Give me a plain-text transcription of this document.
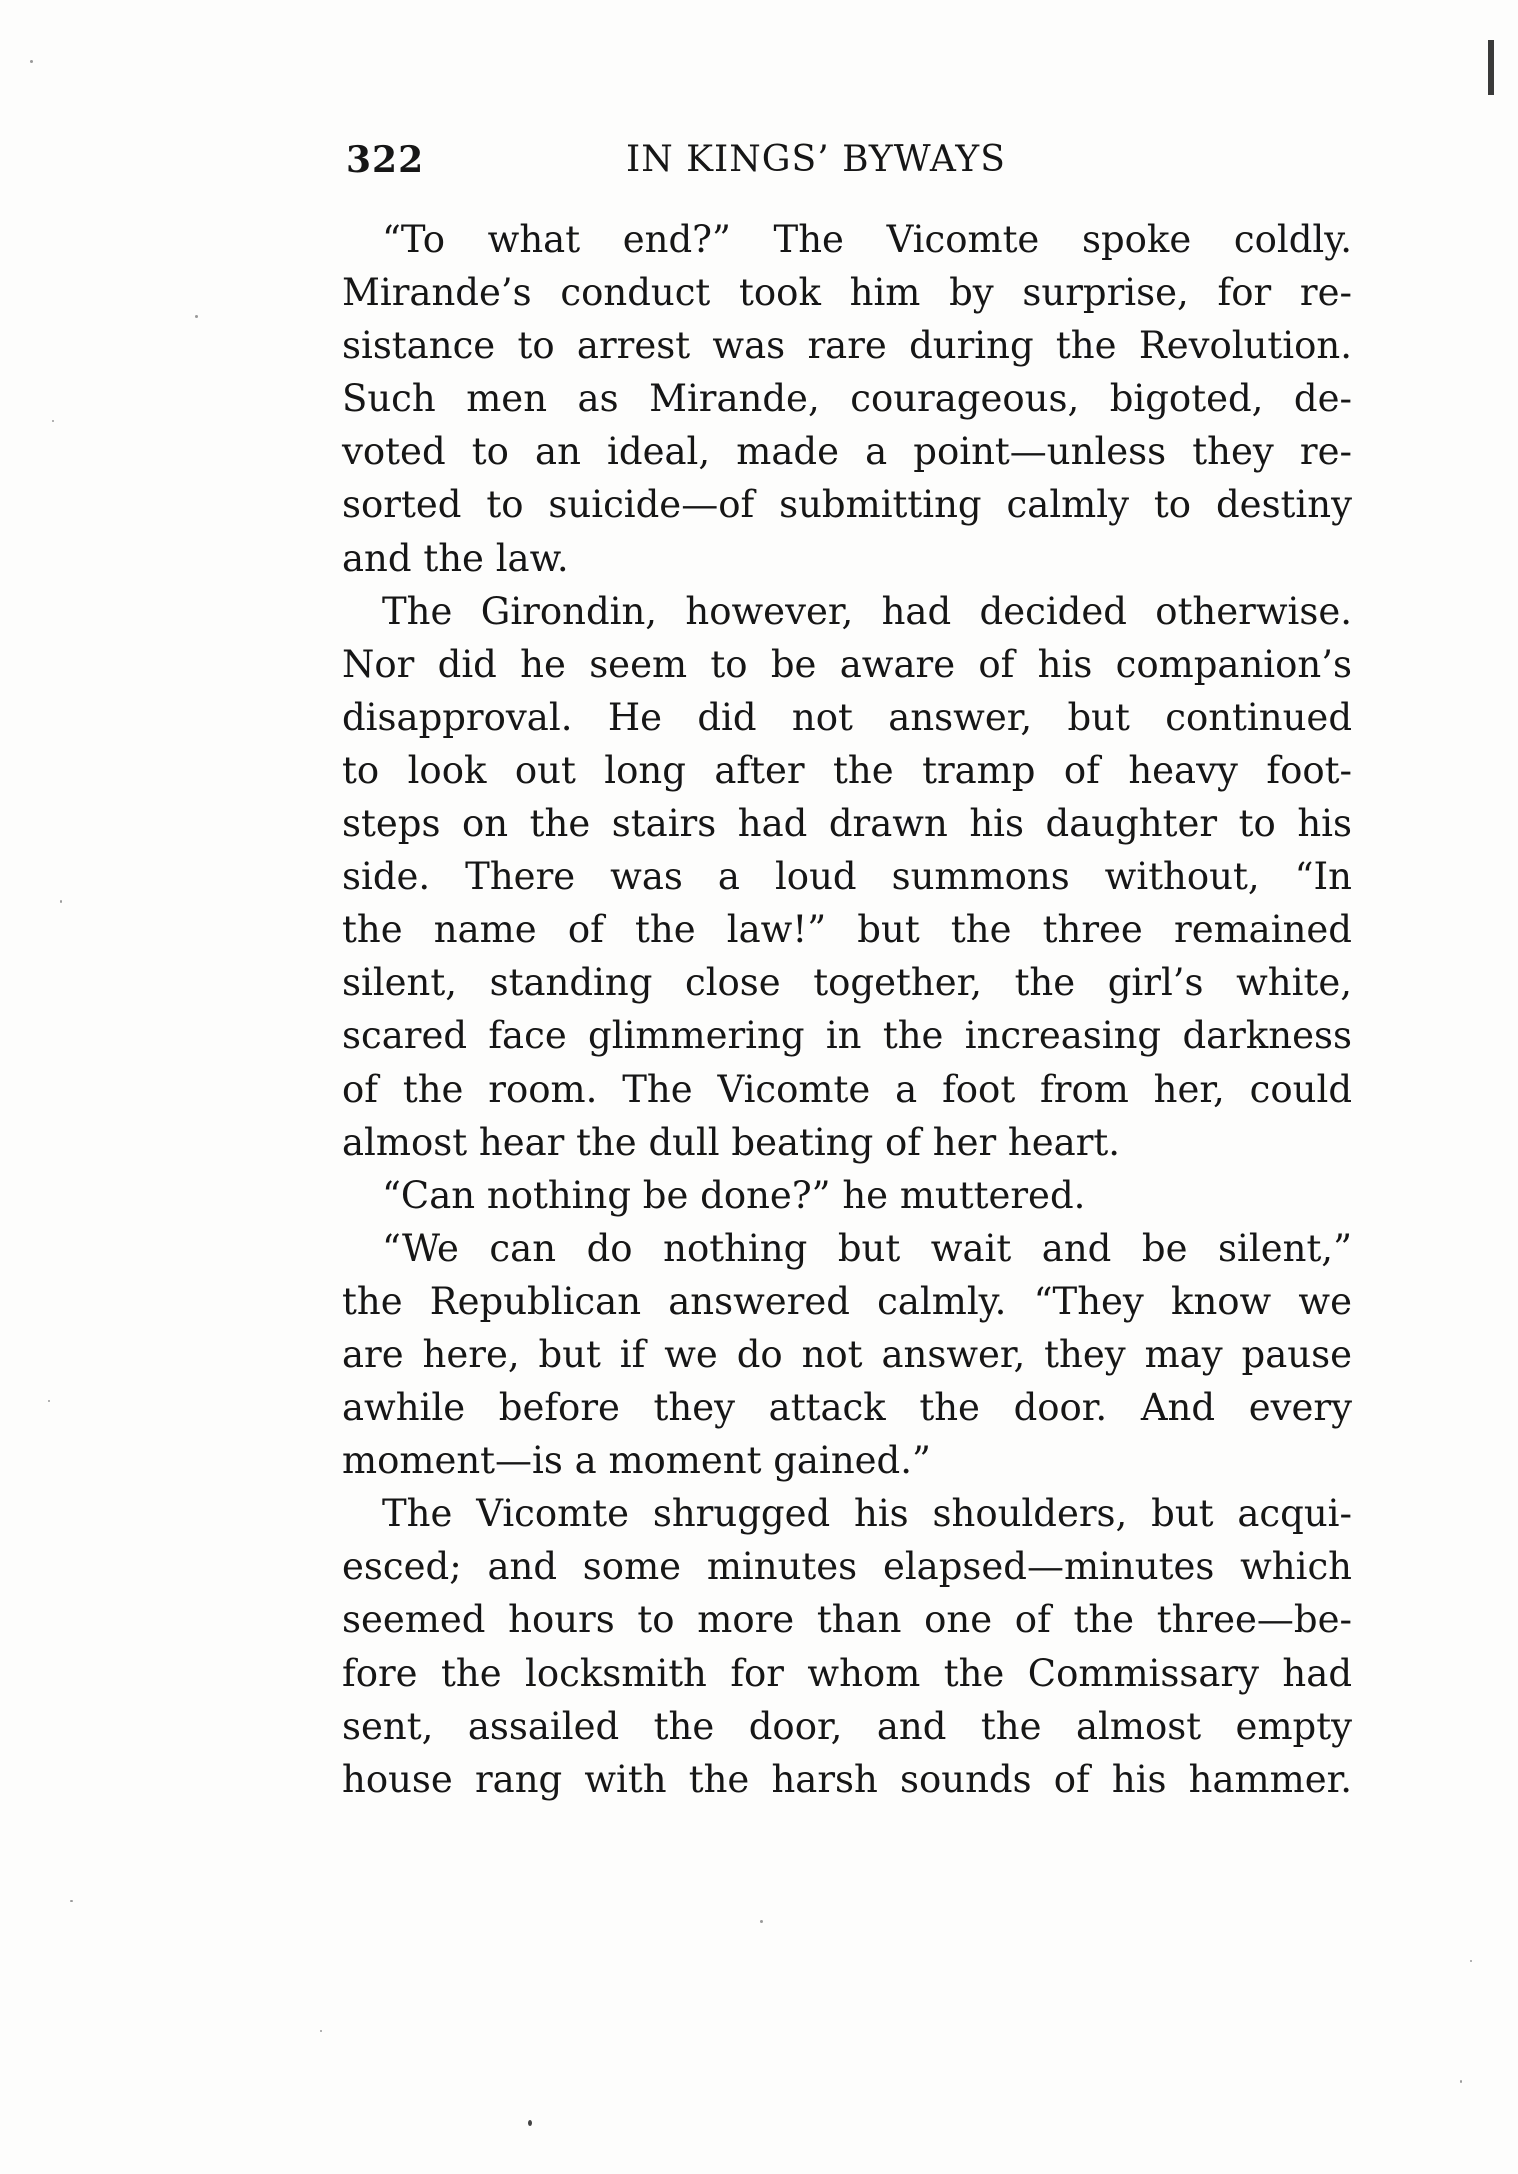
322	IN KINGS’ BYWAYS
“To what end?” The Vicomte spoke coldly.
Mirande’s conduct took him by surprise, for re-
sistance to arrest was rare during the Revolution.
Such men as Mirande, courageous, bigoted, de-
voted to an ideal, made a point—unless they re-
sorted to suicide—of submitting calmly to destiny
and the law.
The Girondin, however, had decided otherwise.
Nor did he seem to be aware of his companion’s
disapproval. He did not answer, but continued
to look out long after the tramp of heavy foot-
steps on the stairs had drawn his daughter to his
side. There was a loud summons without, “In
the name of the law!” but the three remained
silent, standing close together, the girl’s white,
scared face glimmering in the increasing darkness
of the room. The Vicomte a foot from her, could
almost hear the dull beating of her heart.
“Can nothing be done?” he muttered.
“We can do nothing but wait and be silent,”
the Republican answered calmly. “They know we
are here, but if we do not answer, they may pause
awhile before they attack the door. And every
moment—is a moment gained.”
The Vicomte shrugged his shoulders, but acqui-
esced; and some minutes elapsed—minutes which
seemed hours to more than one of the three—be-
fore the locksmith for whom the Commissary had
sent, assailed the door, and the almost empty
house rang with the harsh sounds of his hammer.
